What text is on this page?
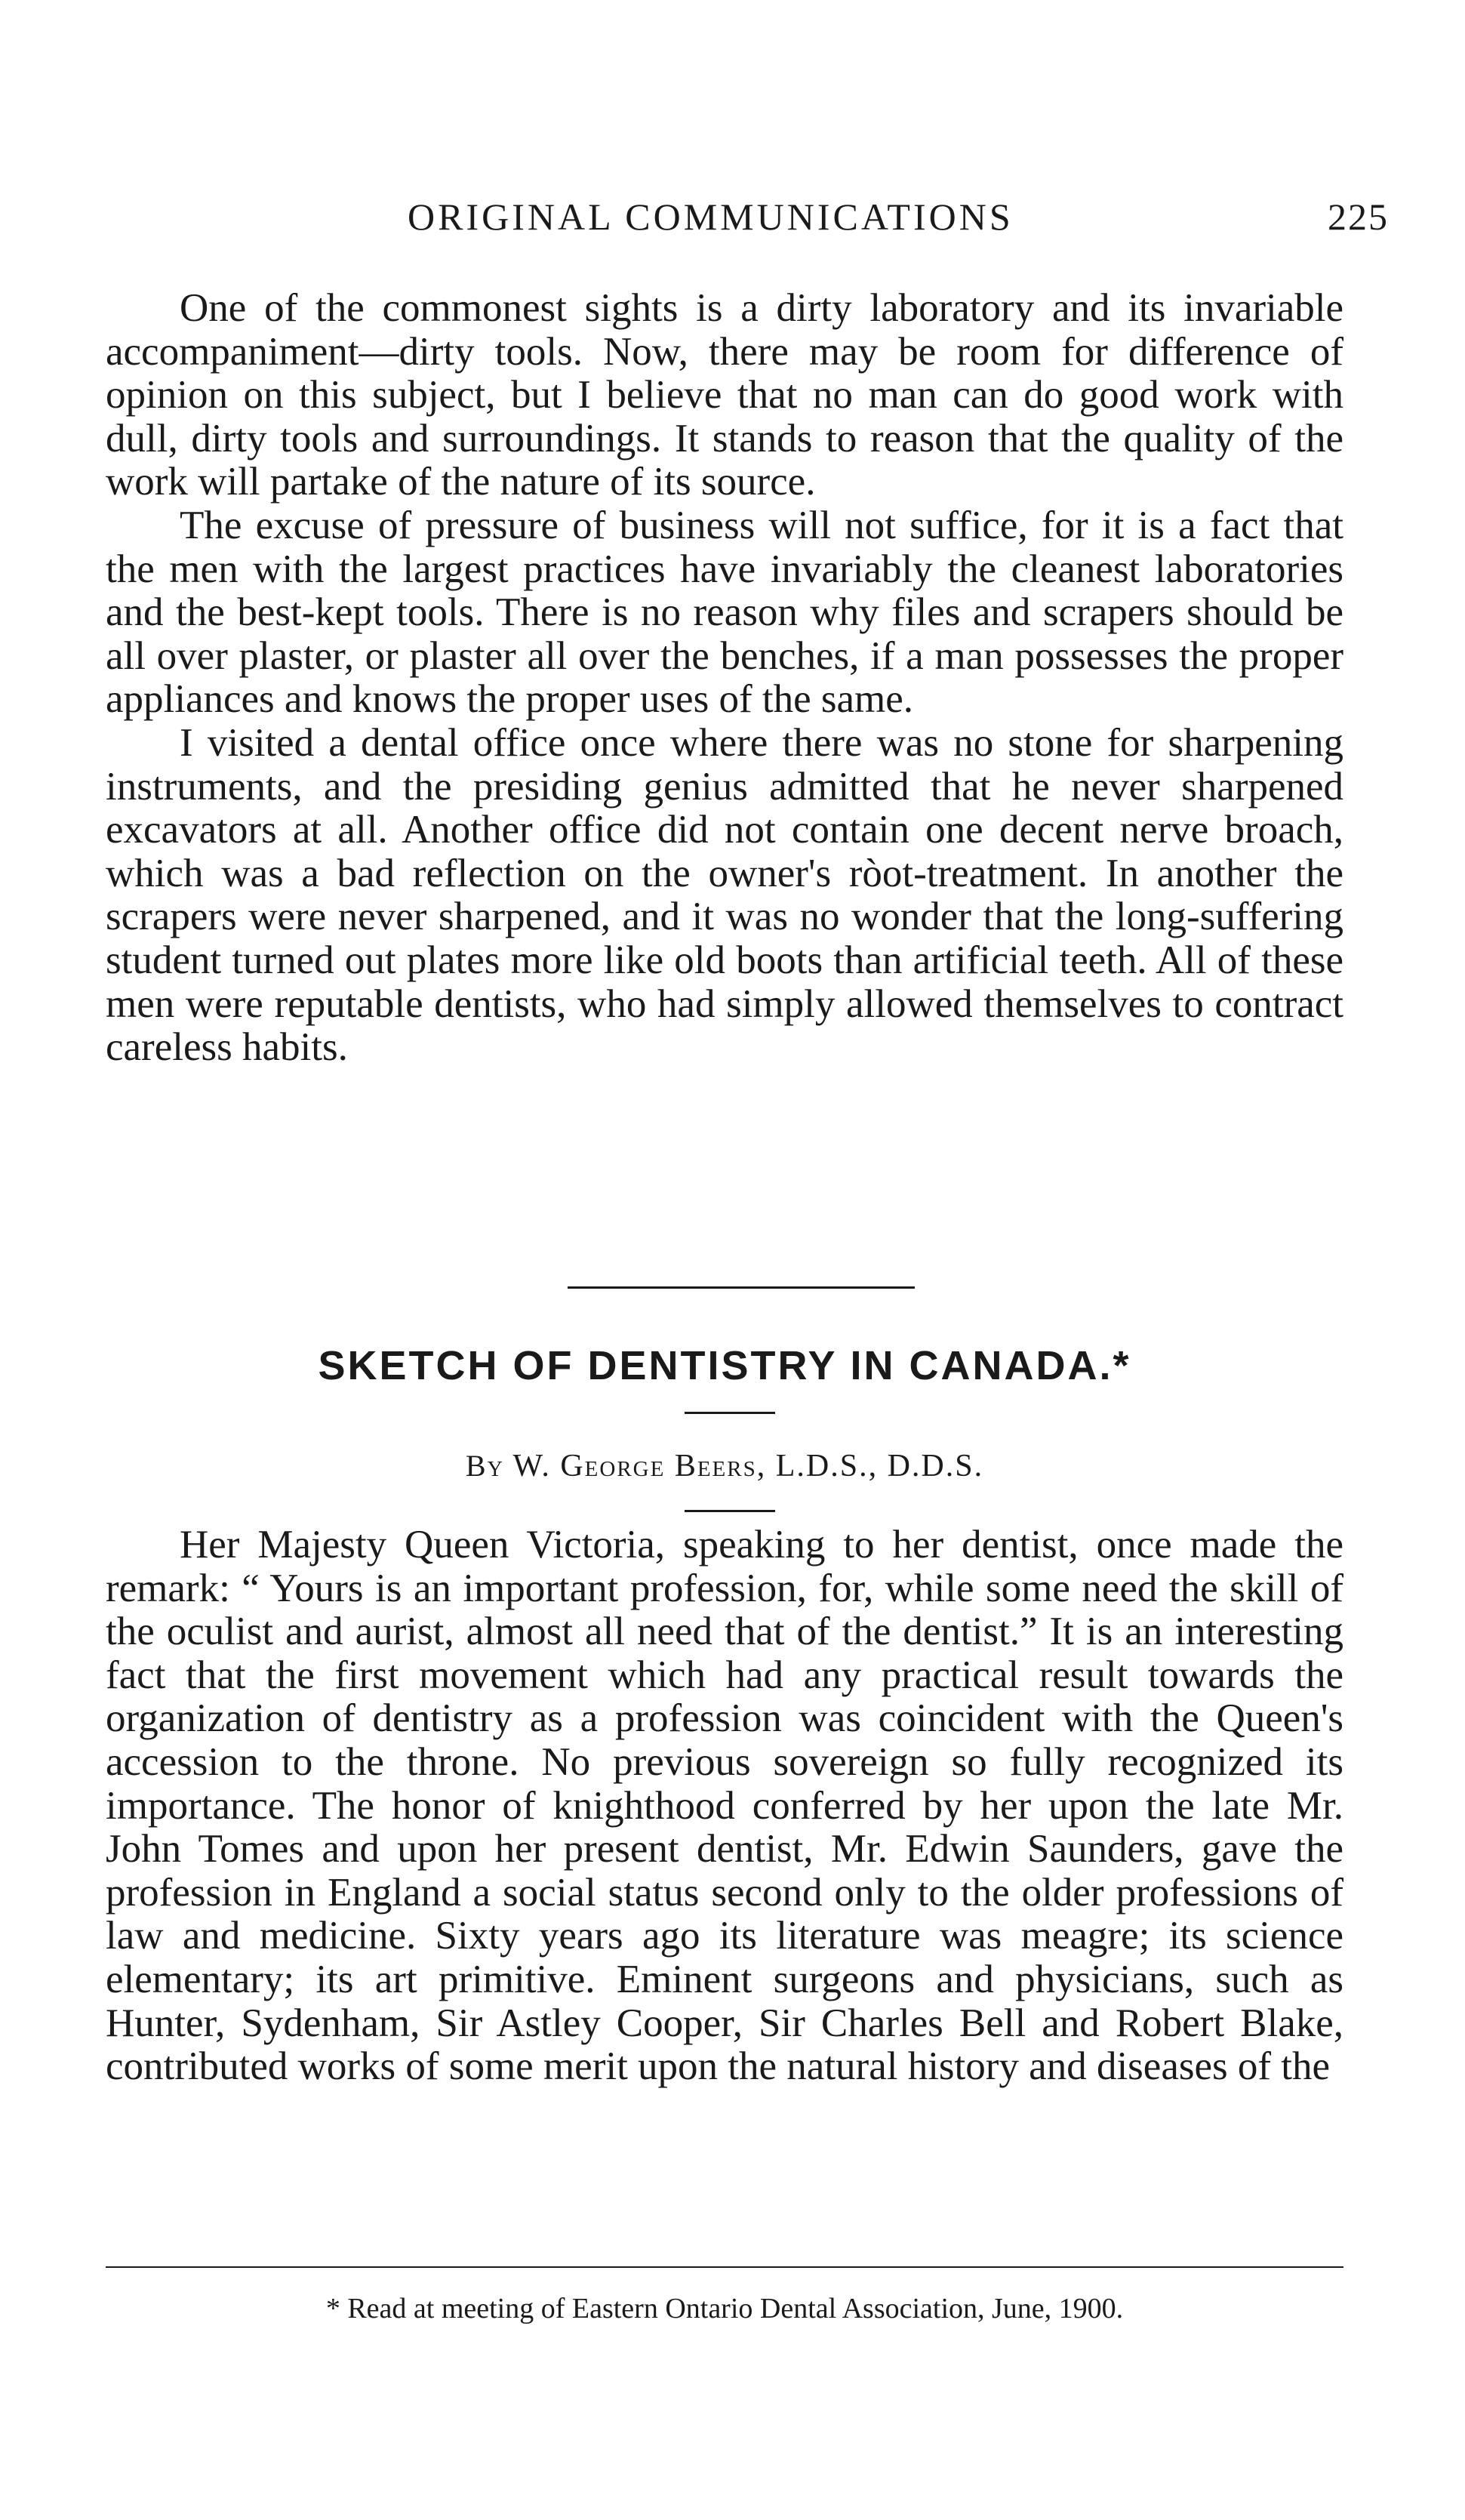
ORIGINAL COMMUNICATIONS	225

One of the commonest sights is a dirty laboratory and its invariable accompaniment—dirty tools. Now, there may be room for difference of opinion on this subject, but I believe that no man can do good work with dull, dirty tools and surroundings. It stands to reason that the quality of the work will partake of the nature of its source.

The excuse of pressure of business will not suffice, for it is a fact that the men with the largest practices have invariably the cleanest laboratories and the best-kept tools. There is no reason why files and scrapers should be all over plaster, or plaster all over the benches, if a man possesses the proper appliances and knows the proper uses of the same.

I visited a dental office once where there was no stone for sharpening instruments, and the presiding genius admitted that he never sharpened excavators at all. Another office did not contain one decent nerve broach, which was a bad reflection on the owner's ròot-treatment. In another the scrapers were never sharpened, and it was no wonder that the long-suffering student turned out plates more like old boots than artificial teeth. All of these men were reputable dentists, who had simply allowed themselves to contract careless habits.

SKETCH OF DENTISTRY IN CANADA.*
By W. George Beers, L.D.S., D.D.S.

Her Majesty Queen Victoria, speaking to her dentist, once made the remark: “ Yours is an important profession, for, while some need the skill of the oculist and aurist, almost all need that of the dentist.” It is an interesting fact that the first movement which had any practical result towards the organization of dentistry as a profession was coincident with the Queen's accession to the throne. No previous sovereign so fully recognized its importance. The honor of knighthood conferred by her upon the late Mr. John Tomes and upon her present dentist, Mr. Edwin Saunders, gave the profession in England a social status second only to the older professions of law and medicine. Sixty years ago its literature was meagre; its science elementary; its art primitive. Eminent surgeons and physicians, such as Hunter, Sydenham, Sir Astley Cooper, Sir Charles Bell and Robert Blake, contributed works of some merit upon the natural history and diseases of the

* Read at meeting of Eastern Ontario Dental Association, June, 1900.
